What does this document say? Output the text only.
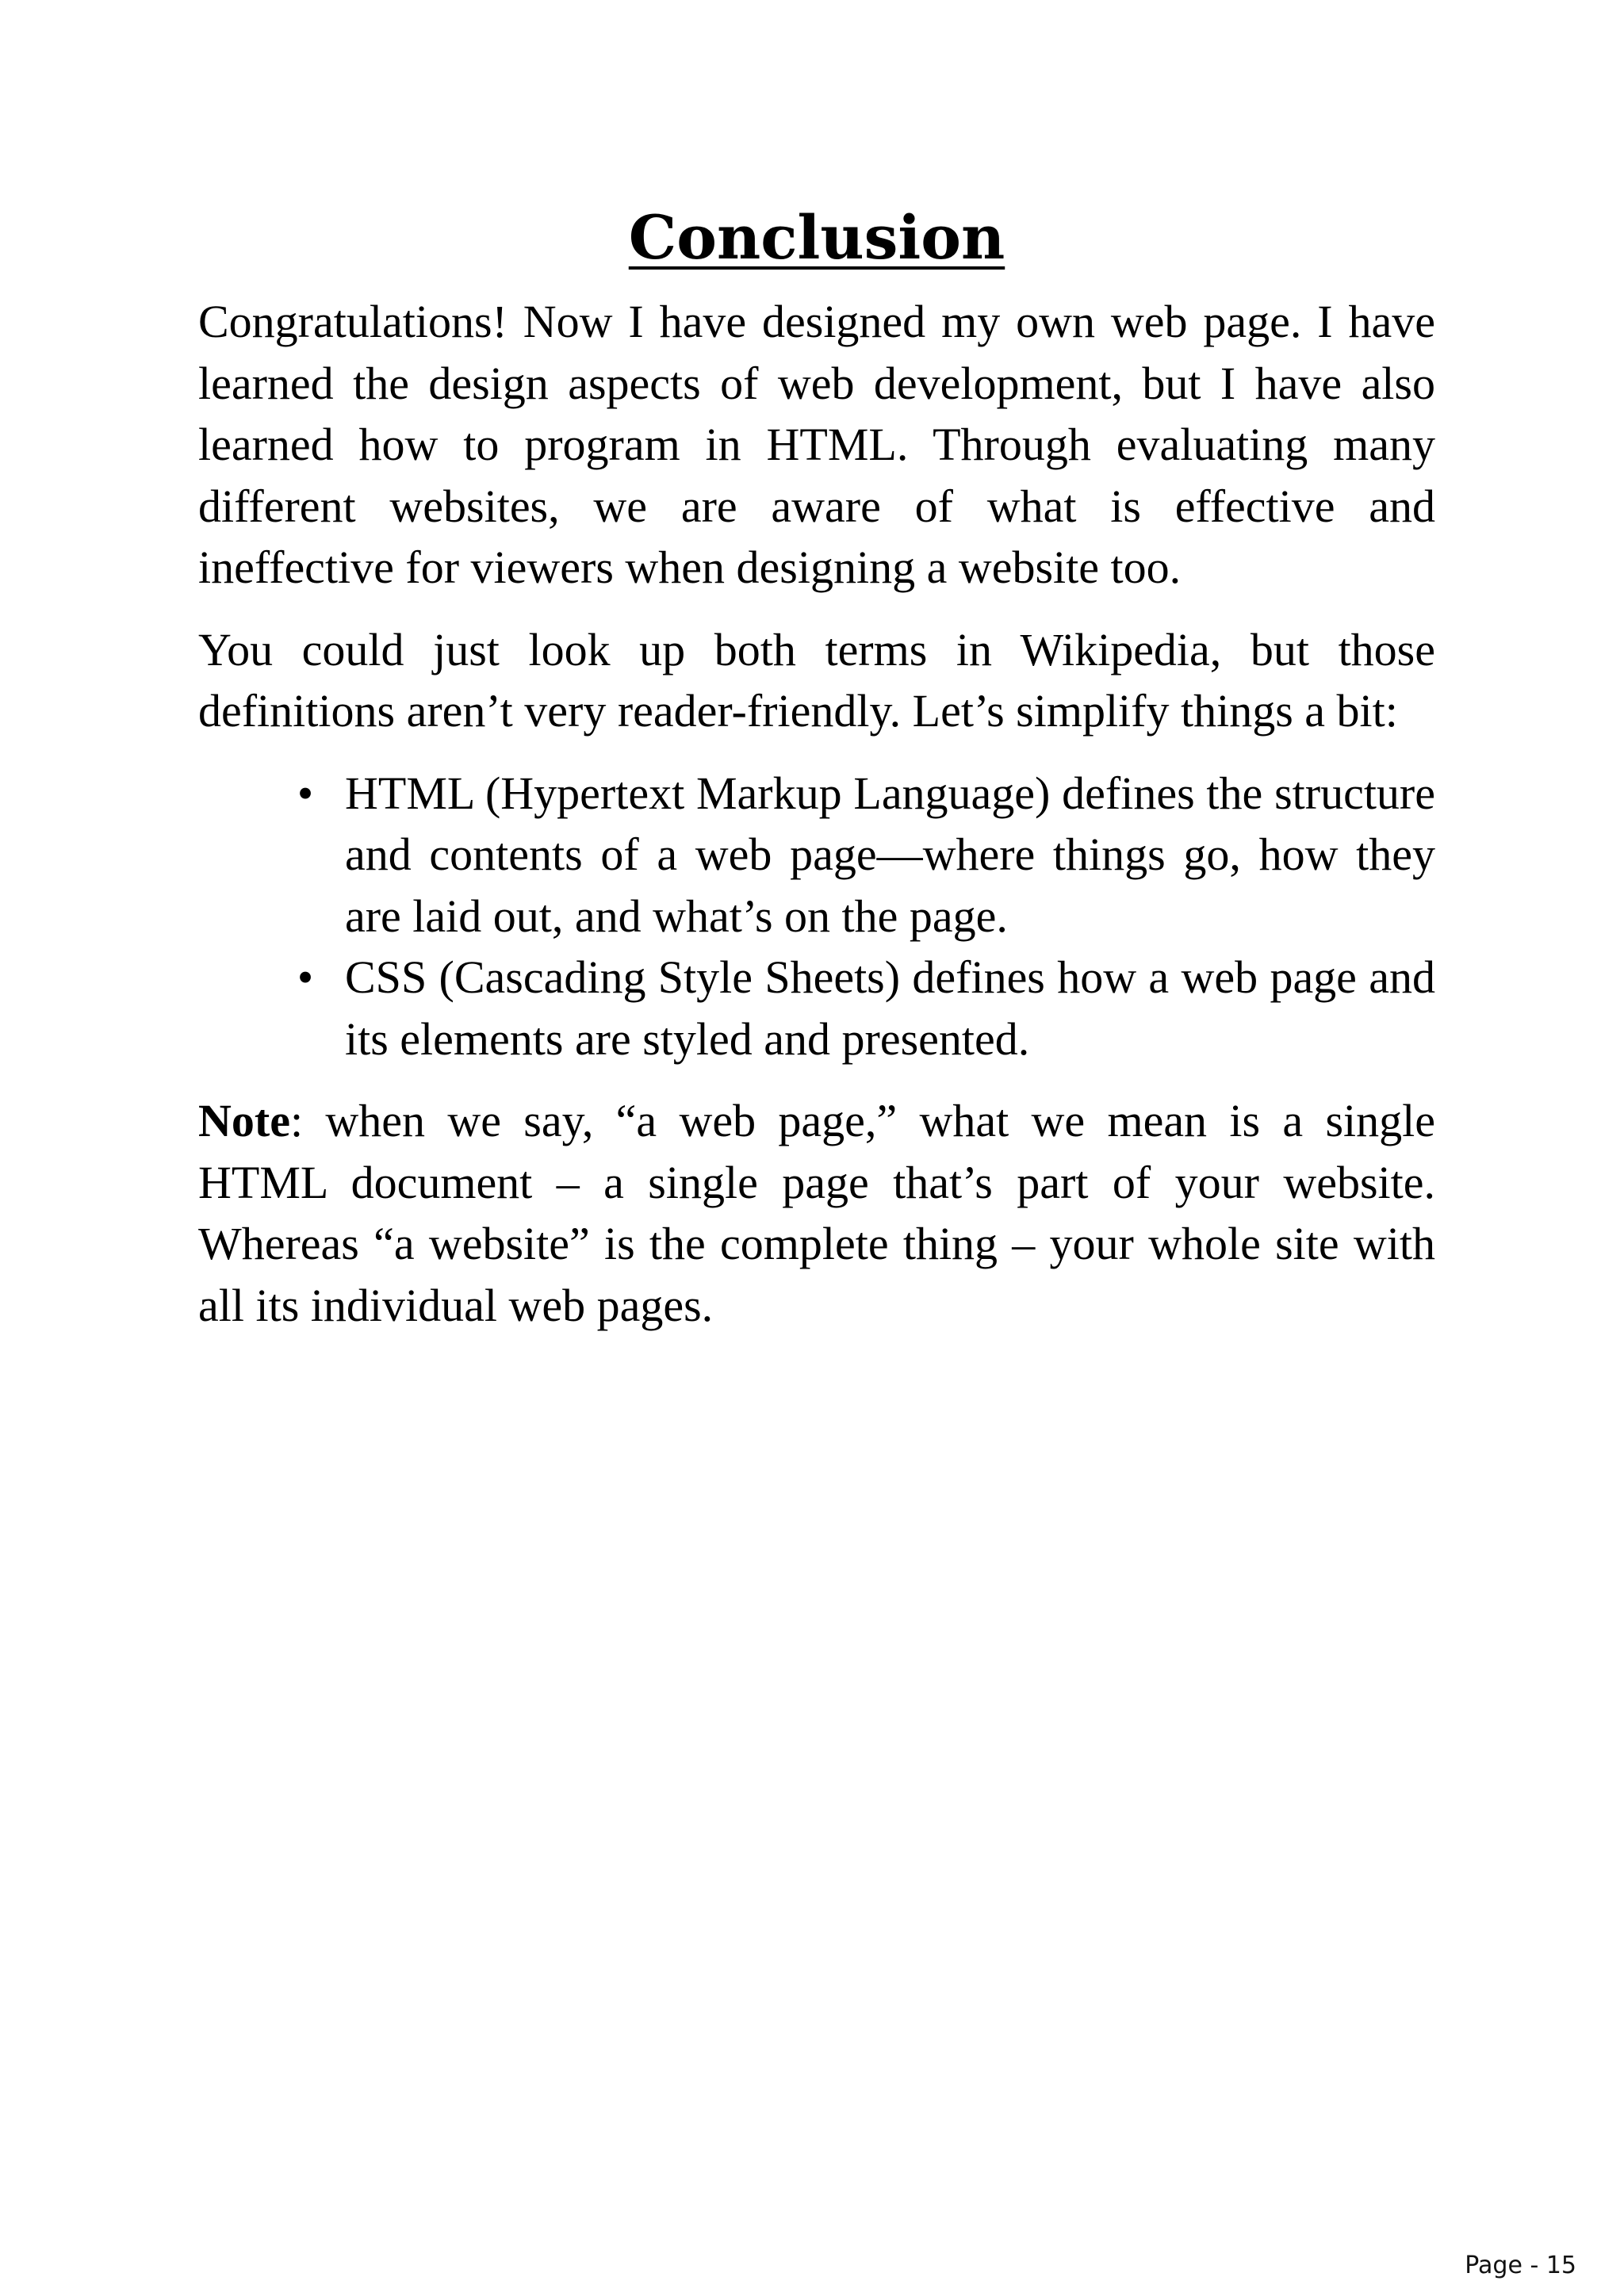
Conclusion

Congratulations! Now I have designed my own web page. I have learned the design aspects of web development, but I have also learned how to program in HTML. Through evaluating many different websites, we are aware of what is effective and ineffective for viewers when designing a website too.

You could just look up both terms in Wikipedia, but those definitions aren’t very reader-friendly. Let’s simplify things a bit:

• HTML (Hypertext Markup Language) defines the structure and contents of a web page—where things go, how they are laid out, and what’s on the page.
• CSS (Cascading Style Sheets) defines how a web page and its elements are styled and presented.

Note: when we say, “a web page,” what we mean is a single HTML document – a single page that’s part of your website. Whereas “a website” is the complete thing – your whole site with all its individual web pages.

Page - 15
